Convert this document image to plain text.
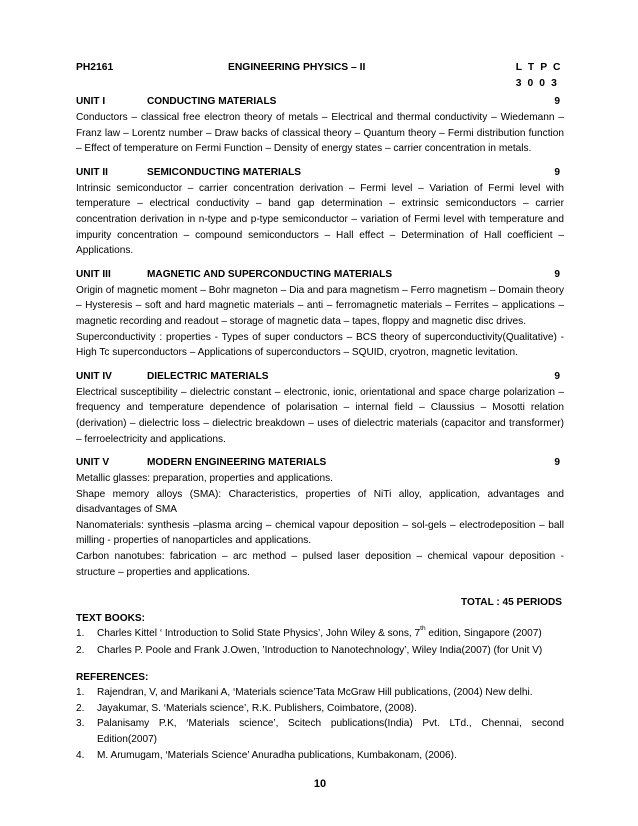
PH2161	ENGINEERING PHYSICS – II	L T P C
3 0 0 3
UNIT I	CONDUCTING MATERIALS	9
Conductors – classical free electron theory of metals – Electrical and thermal conductivity – Wiedemann – Franz law – Lorentz number – Draw backs of classical theory – Quantum theory – Fermi distribution function – Effect of temperature on Fermi Function – Density of energy states – carrier concentration in metals.
UNIT II	SEMICONDUCTING MATERIALS	9
Intrinsic semiconductor – carrier concentration derivation – Fermi level – Variation of Fermi level with temperature – electrical conductivity – band gap determination – extrinsic semiconductors – carrier concentration derivation in n-type and p-type semiconductor – variation of Fermi level with temperature and impurity concentration – compound semiconductors – Hall effect – Determination of Hall coefficient – Applications.
UNIT III	MAGNETIC AND SUPERCONDUCTING MATERIALS	9
Origin of magnetic moment – Bohr magneton – Dia and para magnetism – Ferro magnetism – Domain theory – Hysteresis – soft and hard magnetic materials – anti – ferromagnetic materials – Ferrites – applications – magnetic recording and readout – storage of magnetic data – tapes, floppy and magnetic disc drives.
Superconductivity : properties - Types of super conductors – BCS theory of superconductivity(Qualitative) - High Tc superconductors – Applications of superconductors – SQUID, cryotron, magnetic levitation.
UNIT IV	DIELECTRIC MATERIALS	9
Electrical susceptibility – dielectric constant – electronic, ionic, orientational and space charge polarization – frequency and temperature dependence of polarisation – internal field – Claussius – Mosotti relation (derivation) – dielectric loss – dielectric breakdown – uses of dielectric materials (capacitor and transformer) – ferroelectricity and applications.
UNIT V	MODERN ENGINEERING MATERIALS	9
Metallic glasses: preparation, properties and applications.
Shape memory alloys (SMA): Characteristics, properties of NiTi alloy, application, advantages and disadvantages of SMA
Nanomaterials: synthesis –plasma arcing – chemical vapour deposition – sol-gels – electrodeposition – ball milling - properties of nanoparticles and applications.
Carbon nanotubes: fabrication – arc method – pulsed laser deposition – chemical vapour deposition - structure – properties and applications.
TOTAL : 45 PERIODS
TEXT BOOKS:
1. Charles Kittel ‘ Introduction to Solid State Physics’, John Wiley & sons, 7th edition, Singapore (2007)
2. Charles P. Poole and Frank J.Owen, ’Introduction to Nanotechnology’, Wiley India(2007) (for Unit V)
REFERENCES:
1. Rajendran, V, and Marikani A, ‘Materials science’Tata McGraw Hill publications, (2004) New delhi.
2. Jayakumar, S. ‘Materials science’, R.K. Publishers, Coimbatore, (2008).
3. Palanisamy P.K, ‘Materials science’, Scitech publications(India) Pvt. LTd., Chennai, second Edition(2007)
4. M. Arumugam, ‘Materials Science’ Anuradha publications, Kumbakonam, (2006).
10
